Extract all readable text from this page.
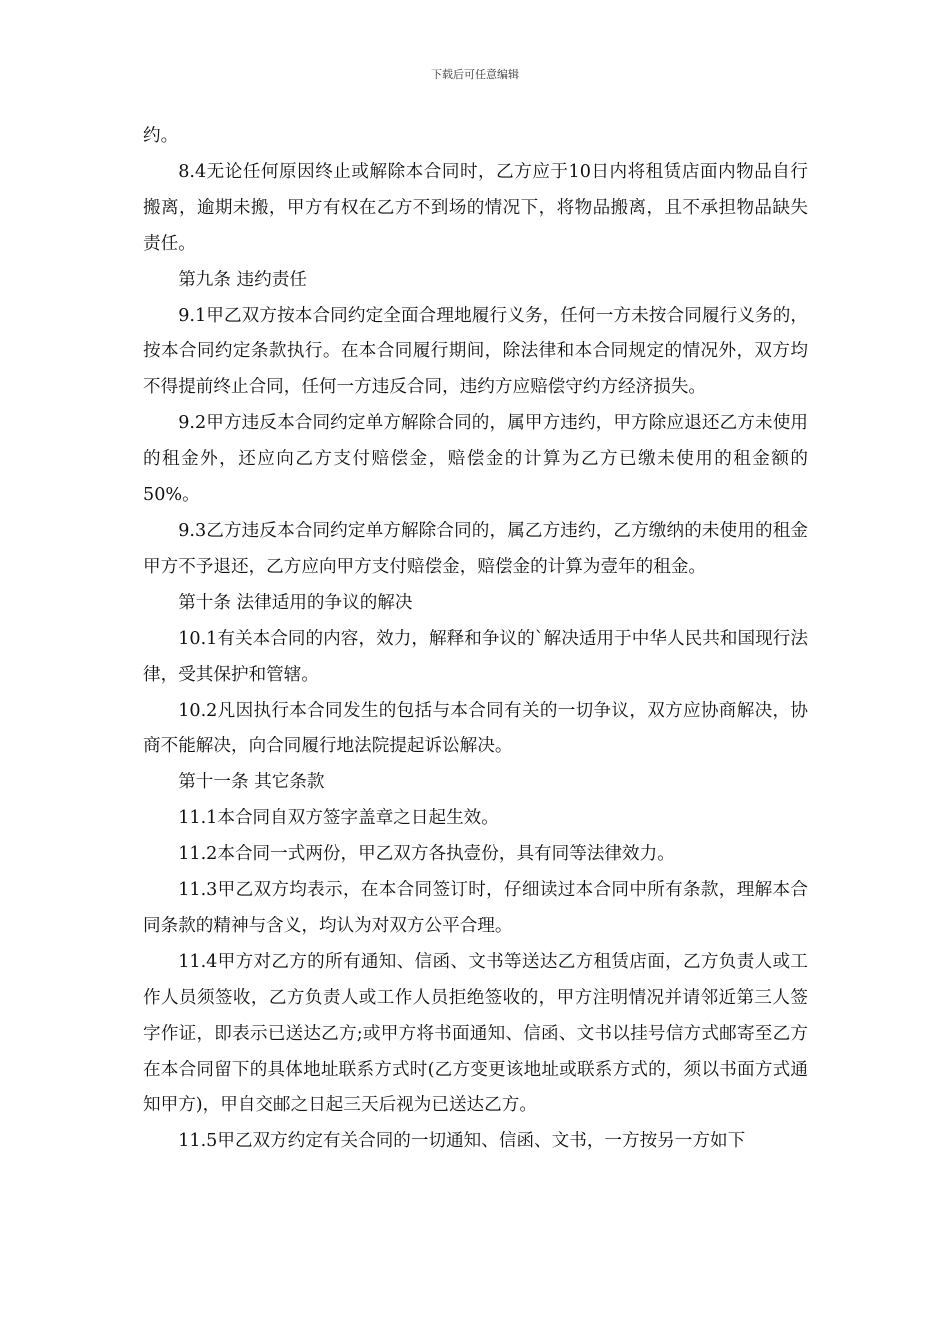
下载后可任意编辑

约。

8.4无论任何原因终止或解除本合同时，乙方应于10日内将租赁店面内物品自行搬离，逾期未搬，甲方有权在乙方不到场的情况下，将物品搬离，且不承担物品缺失责任。

第九条 违约责任

9.1甲乙双方按本合同约定全面合理地履行义务，任何一方未按合同履行义务的，按本合同约定条款执行。在本合同履行期间，除法律和本合同规定的情况外，双方均不得提前终止合同，任何一方违反合同，违约方应赔偿守约方经济损失。

9.2甲方违反本合同约定单方解除合同的，属甲方违约，甲方除应退还乙方未使用的租金外，还应向乙方支付赔偿金，赔偿金的计算为乙方已缴未使用的租金额的50%。

9.3乙方违反本合同约定单方解除合同的，属乙方违约，乙方缴纳的未使用的租金甲方不予退还，乙方应向甲方支付赔偿金，赔偿金的计算为壹年的租金。

第十条 法律适用的争议的解决

10.1有关本合同的内容，效力，解释和争议的`解决适用于中华人民共和国现行法律，受其保护和管辖。

10.2凡因执行本合同发生的包括与本合同有关的一切争议，双方应协商解决，协商不能解决，向合同履行地法院提起诉讼解决。

第十一条 其它条款

11.1本合同自双方签字盖章之日起生效。

11.2本合同一式两份，甲乙双方各执壹份，具有同等法律效力。

11.3甲乙双方均表示，在本合同签订时，仔细读过本合同中所有条款，理解本合同条款的精神与含义，均认为对双方公平合理。

11.4甲方对乙方的所有通知、信函、文书等送达乙方租赁店面，乙方负责人或工作人员须签收，乙方负责人或工作人员拒绝签收的，甲方注明情况并请邻近第三人签字作证，即表示已送达乙方;或甲方将书面通知、信函、文书以挂号信方式邮寄至乙方在本合同留下的具体地址联系方式时(乙方变更该地址或联系方式的，须以书面方式通知甲方)，甲自交邮之日起三天后视为已送达乙方。

11.5甲乙双方约定有关合同的一切通知、信函、文书，一方按另一方如下
